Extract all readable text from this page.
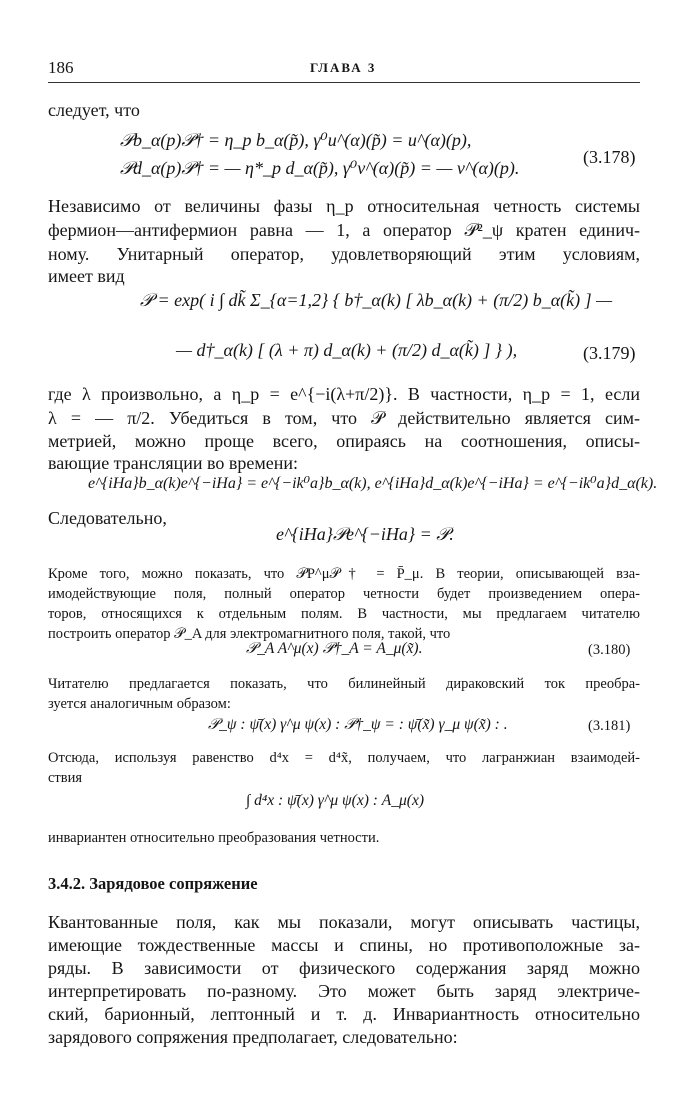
186	ГЛАВА 3
следует, что
𝒫b_α(p)𝒫† = η_p b_α(p̃), γ⁰u^(α)(p̃) = u^(α)(p),
𝒫d_α(p)𝒫† = — η*_p d_α(p̃), γ⁰v^(α)(p̃) = — v^(α)(p).
(3.178)
Независимо от величины фазы η_p относительная четность системы
фермион—антифермион равна — 1, а оператор 𝒫²_ψ кратен единич-
ному. Унитарный оператор, удовлетворяющий этим условиям,
имеет вид
𝒫 = exp( i ∫ dk̃ Σ_{α=1,2} { b†_α(k) [ λb_α(k) + (π/2) b_α(k̃) ] —
— d†_α(k) [ (λ + π) d_α(k) + (π/2) d_α(k̃) ] } ),	(3.179)
где λ произвольно, а η_p = e^{−i(λ+π/2)}. В частности, η_p = 1, если
λ = — π/2. Убедиться в том, что 𝒫 действительно является сим-
метрией, можно проще всего, опираясь на соотношения, описы-
вающие трансляции во времени:
e^{iHa}b_α(k)e^{−iHa} = e^{−ik⁰a}b_α(k), e^{iHa}d_α(k)e^{−iHa} = e^{−ik⁰a}d_α(k).
Следовательно,
e^{iHa}𝒫e^{−iHa} = 𝒫.
Кроме того, можно показать, что 𝒫P^μ𝒫† = P̄_μ. В теории, описывающей вза-
имодействующие поля, полный оператор четности будет произведением опера-
торов, относящихся к отдельным полям. В частности, мы предлагаем читателю
построить оператор 𝒫_A для электромагнитного поля, такой, что
𝒫_A A^μ(x) 𝒫†_A = A_μ(x̃).	(3.180)
Читателю предлагается показать, что билинейный дираковский ток преобра-
зуется аналогичным образом:
𝒫_ψ : ψ̄(x) γ^μ ψ(x) : 𝒫†_ψ = : ψ̄(x̃) γ_μ ψ(x̃) : .	(3.181)
Отсюда, используя равенство d⁴x = d⁴x̃, получаем, что лагранжиан взаимодей-
ствия
∫ d⁴x : ψ̄(x) γ^μ ψ(x) : A_μ(x)
инвариантен относительно преобразования четности.
3.4.2. Зарядовое сопряжение
Квантованные поля, как мы показали, могут описывать частицы,
имеющие тождественные массы и спины, но противоположные за-
ряды. В зависимости от физического содержания заряд можно
интерпретировать по-разному. Это может быть заряд электриче-
ский, барионный, лептонный и т. д. Инвариантность относительно
зарядового сопряжения предполагает, следовательно:
